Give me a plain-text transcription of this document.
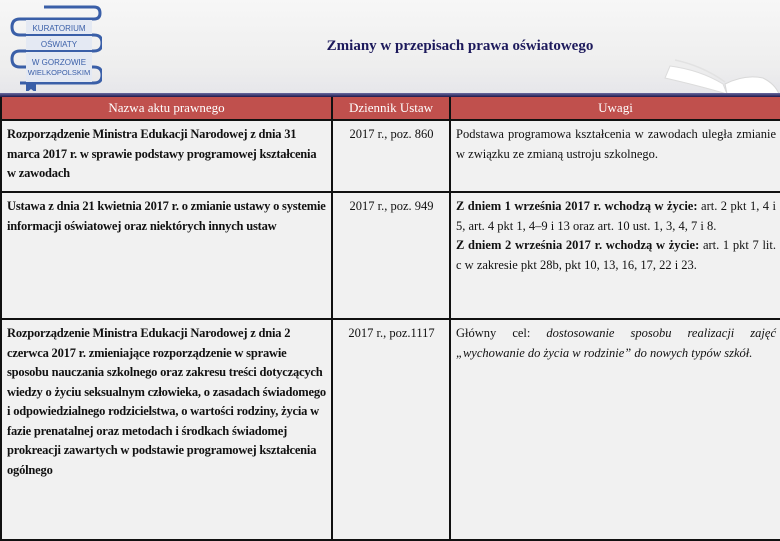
KURATORIUM
OŚWIATY
W GORZOWIE
WIELKOPOLSKIM
Zmiany w przepisach prawa oświatowego
Nazwa aktu prawnego	Dziennik Ustaw	Uwagi
Rozporządzenie Ministra Edukacji Narodowej z dnia 31 marca 2017 r. w sprawie podstawy programowej kształcenia w zawodach	2017 r., poz. 860	Podstawa programowa kształcenia w zawodach uległa zmianie w związku ze zmianą ustroju szkolnego.
Ustawa z dnia 21 kwietnia 2017 r. o zmianie ustawy o systemie informacji oświatowej oraz niektórych innych ustaw	2017 r., poz. 949	Z dniem 1 września 2017 r. wchodzą w życie: art. 2 pkt 1, 4 i 5, art. 4 pkt 1, 4–9 i 13 oraz art. 10 ust. 1, 3, 4, 7 i 8.
Z dniem 2 września 2017 r. wchodzą w życie: art. 1 pkt 7 lit. c w zakresie pkt 28b, pkt 10, 13, 16, 17, 22 i 23.
Rozporządzenie Ministra Edukacji Narodowej z dnia 2 czerwca 2017 r. zmieniające rozporządzenie w sprawie sposobu nauczania szkolnego oraz zakresu treści dotyczących wiedzy o życiu seksualnym człowieka, o zasadach świadomego i odpowiedzialnego rodzicielstwa, o wartości rodziny, życia w fazie prenatalnej oraz metodach i środkach świadomej prokreacji zawartych w podstawie programowej kształcenia ogólnego	2017 r., poz.1117	Główny cel: dostosowanie sposobu realizacji zajęć „wychowanie do życia w rodzinie” do nowych typów szkół.
